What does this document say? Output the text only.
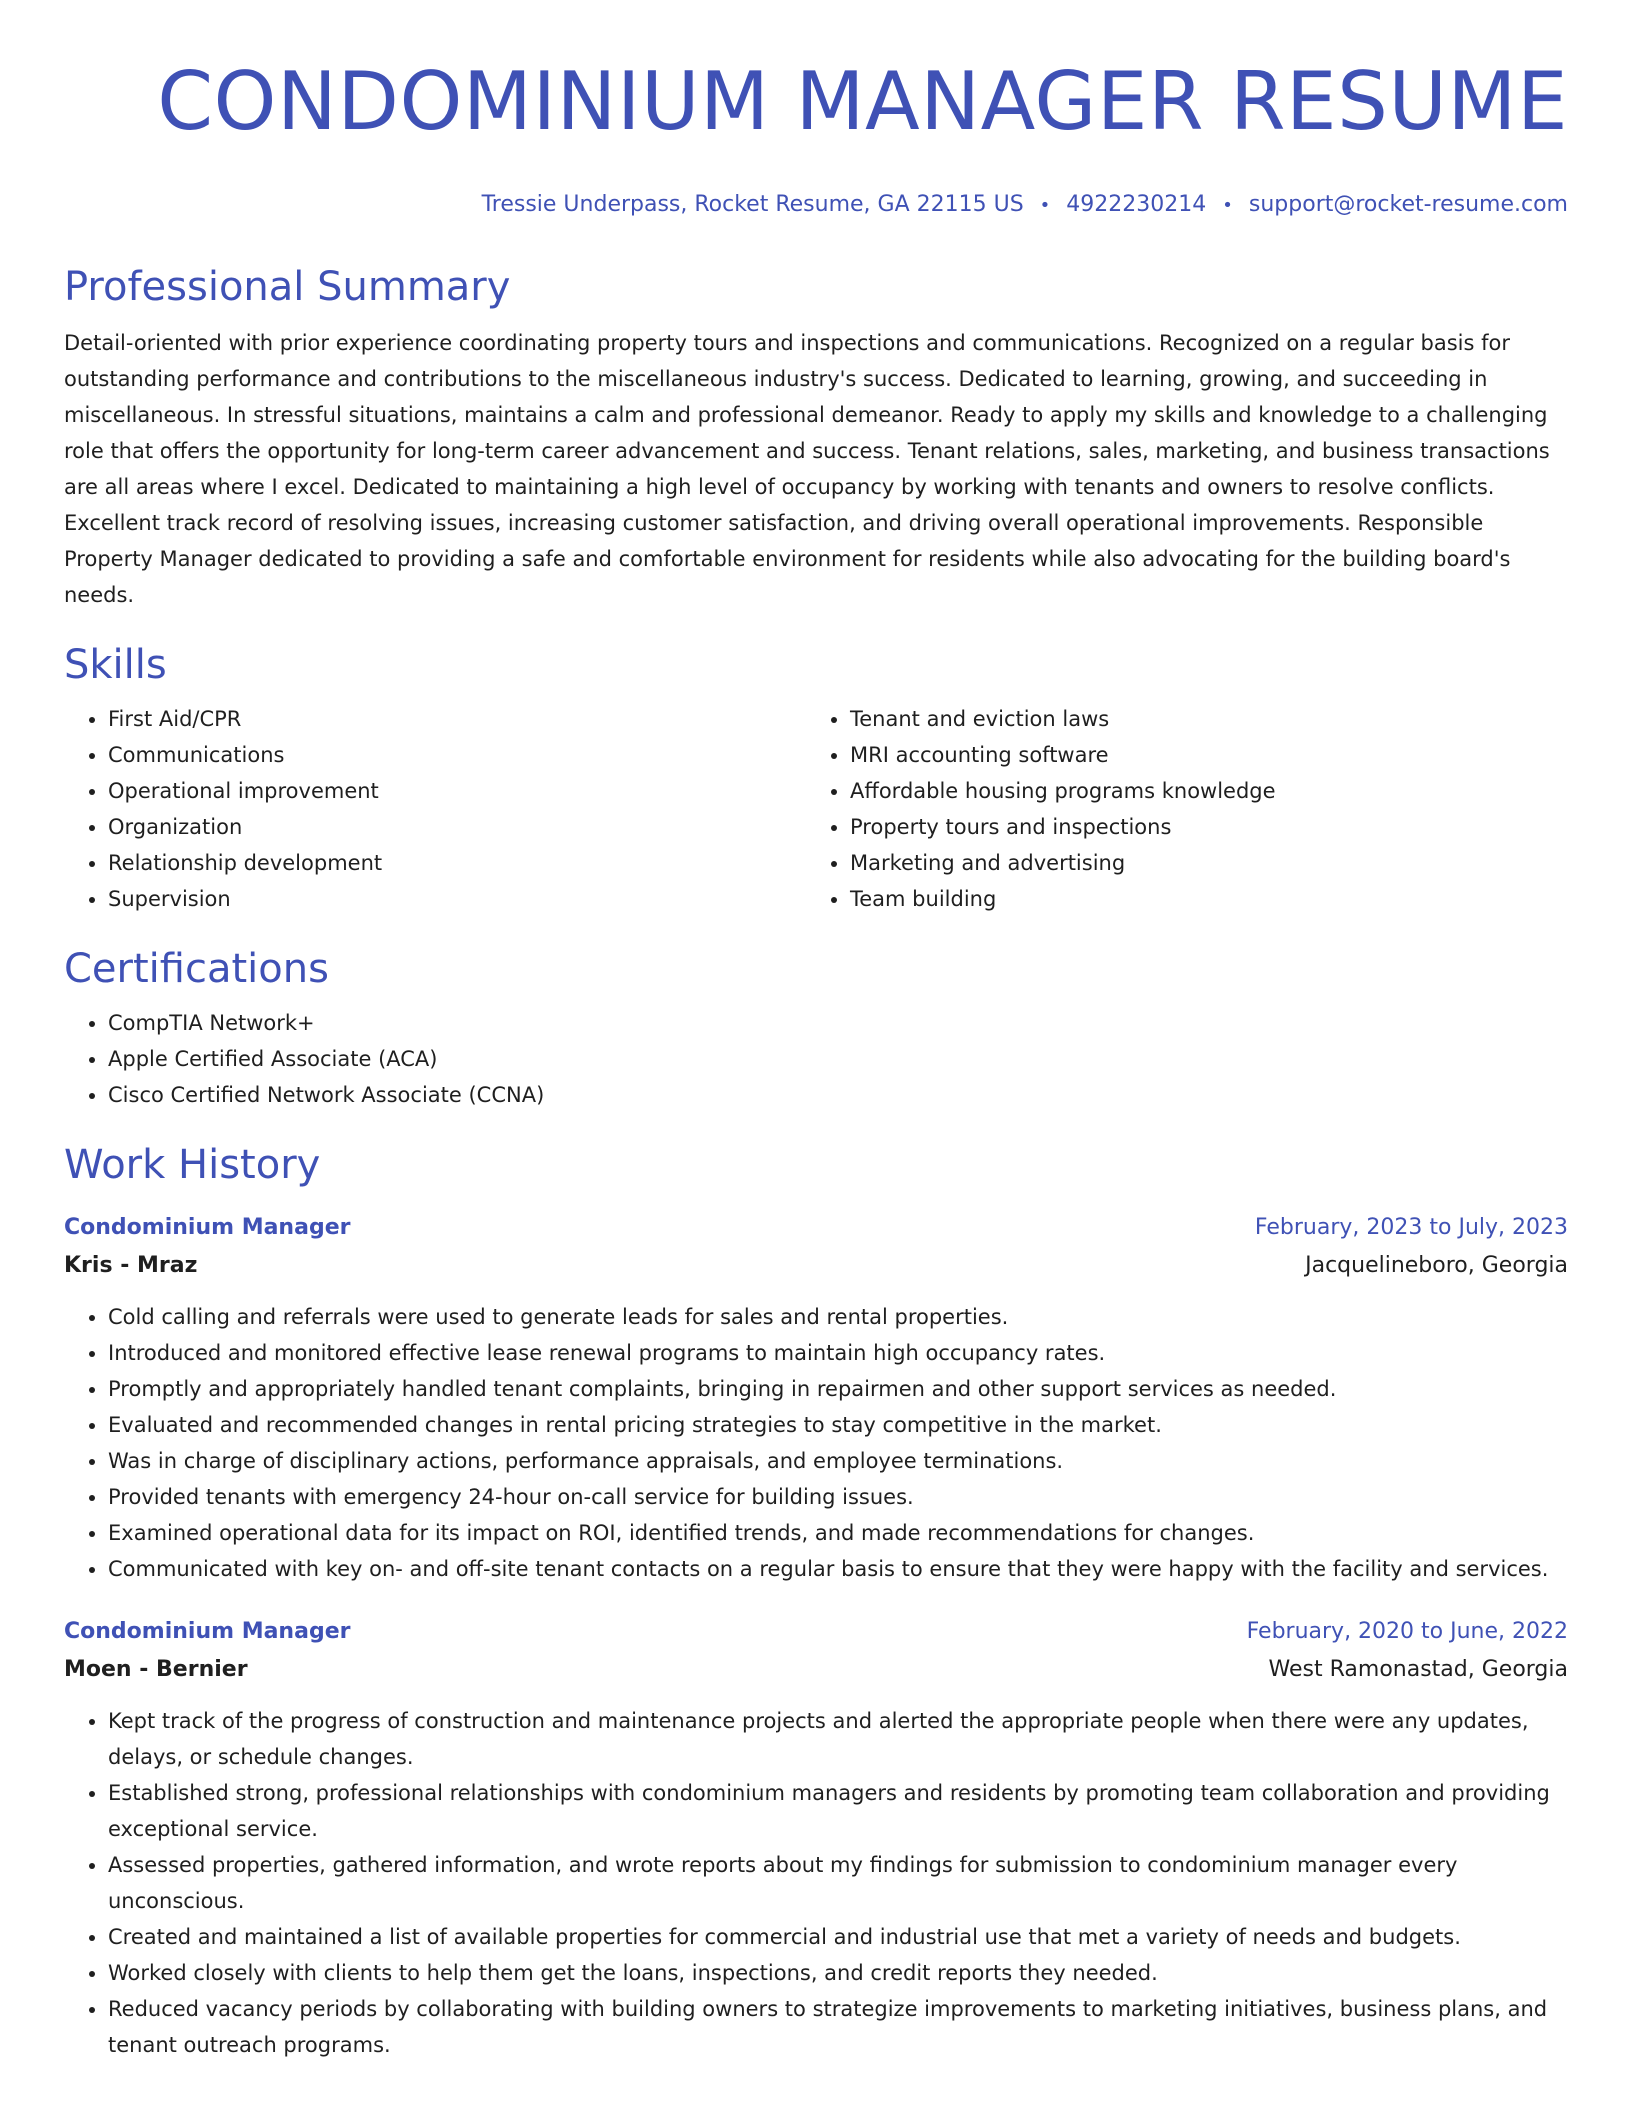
CONDOMINIUM MANAGER RESUME
Tressie Underpass, Rocket Resume, GA 22115 US • 4922230214 • support@rocket-resume.com
Professional Summary

Detail-oriented with prior experience coordinating property tours and inspections and communications. Recognized on a regular basis for outstanding performance and contributions to the miscellaneous industry's success. Dedicated to learning, growing, and succeeding in miscellaneous. In stressful situations, maintains a calm and professional demeanor. Ready to apply my skills and knowledge to a challenging role that offers the opportunity for long-term career advancement and success. Tenant relations, sales, marketing, and business transactions are all areas where I excel. Dedicated to maintaining a high level of occupancy by working with tenants and owners to resolve conflicts. Excellent track record of resolving issues, increasing customer satisfaction, and driving overall operational improvements. Responsible Property Manager dedicated to providing a safe and comfortable environment for residents while also advocating for the building board's needs.

Skills
• First Aid/CPR
• Communications
• Operational improvement
• Organization
• Relationship development
• Supervision
• Tenant and eviction laws
• MRI accounting software
• Affordable housing programs knowledge
• Property tours and inspections
• Marketing and advertising
• Team building
Certifications
• CompTIA Network+
• Apple Certified Associate (ACA)
• Cisco Certified Network Associate (CCNA)
Work History
Condominium Manager	February, 2023 to July, 2023
Kris - Mraz	Jacquelineboro, Georgia
• Cold calling and referrals were used to generate leads for sales and rental properties.
• Introduced and monitored effective lease renewal programs to maintain high occupancy rates.
• Promptly and appropriately handled tenant complaints, bringing in repairmen and other support services as needed.
• Evaluated and recommended changes in rental pricing strategies to stay competitive in the market.
• Was in charge of disciplinary actions, performance appraisals, and employee terminations.
• Provided tenants with emergency 24-hour on-call service for building issues.
• Examined operational data for its impact on ROI, identified trends, and made recommendations for changes.
• Communicated with key on- and off-site tenant contacts on a regular basis to ensure that they were happy with the facility and services.
Condominium Manager	February, 2020 to June, 2022
Moen - Bernier	West Ramonastad, Georgia
• Kept track of the progress of construction and maintenance projects and alerted the appropriate people when there were any updates, delays, or schedule changes.
• Established strong, professional relationships with condominium managers and residents by promoting team collaboration and providing exceptional service.
• Assessed properties, gathered information, and wrote reports about my findings for submission to condominium manager every unconscious.
• Created and maintained a list of available properties for commercial and industrial use that met a variety of needs and budgets.
• Worked closely with clients to help them get the loans, inspections, and credit reports they needed.
• Reduced vacancy periods by collaborating with building owners to strategize improvements to marketing initiatives, business plans, and tenant outreach programs.
